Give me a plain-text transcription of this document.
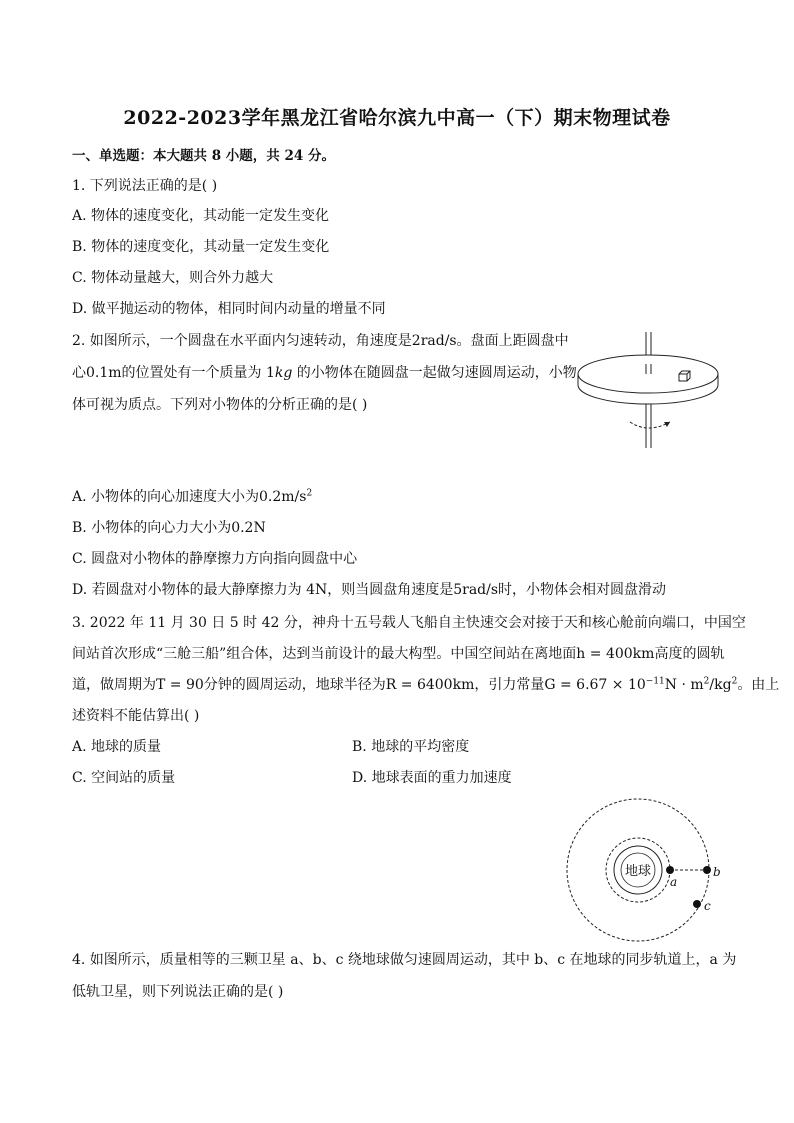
2022-2023学年黑龙江省哈尔滨九中高一（下）期末物理试卷
一、单选题：本大题共 8 小题，共 24 分。
1. 下列说法正确的是( )
A. 物体的速度变化，其动能一定发生变化
B. 物体的速度变化，其动量一定发生变化
C. 物体动量越大，则合外力越大
D. 做平抛运动的物体，相同时间内动量的增量不同
2. 如图所示，一个圆盘在水平面内匀速转动，角速度是2rad/s。盘面上距圆盘中
心0.1m的位置处有一个质量为 1kg 的小物体在随圆盘一起做匀速圆周运动，小物
体可视为质点。下列对小物体的分析正确的是( )
A. 小物体的向心加速度大小为$0.2m/s^2$
B. 小物体的向心力大小为0.2N
C. 圆盘对小物体的静摩擦力方向指向圆盘中心
D. 若圆盘对小物体的最大静摩擦力为 4N，则当圆盘角速度是5rad/s时，小物体会相对圆盘滑动
3. 2022 年 11 月 30 日 5 时 42 分，神舟十五号载人飞船自主快速交会对接于天和核心舱前向端口，中国空
间站首次形成“三舱三船”组合体，达到当前设计的最大构型。中国空间站在离地面h = 400km高度的圆轨
道，做周期为T = 90分钟的圆周运动，地球半径为R = 6400km，引力常量$G = 6.67 \times 10^{-11}N \cdot m^2/kg^2$。由上
述资料不能估算出( )
A. 地球的质量	B. 地球的平均密度
C. 空间站的质量	D. 地球表面的重力加速度
地球
a
b
c
4. 如图所示，质量相等的三颗卫星 a、b、c 绕地球做匀速圆周运动，其中 b、c 在地球的同步轨道上，a 为
低轨卫星，则下列说法正确的是( )
